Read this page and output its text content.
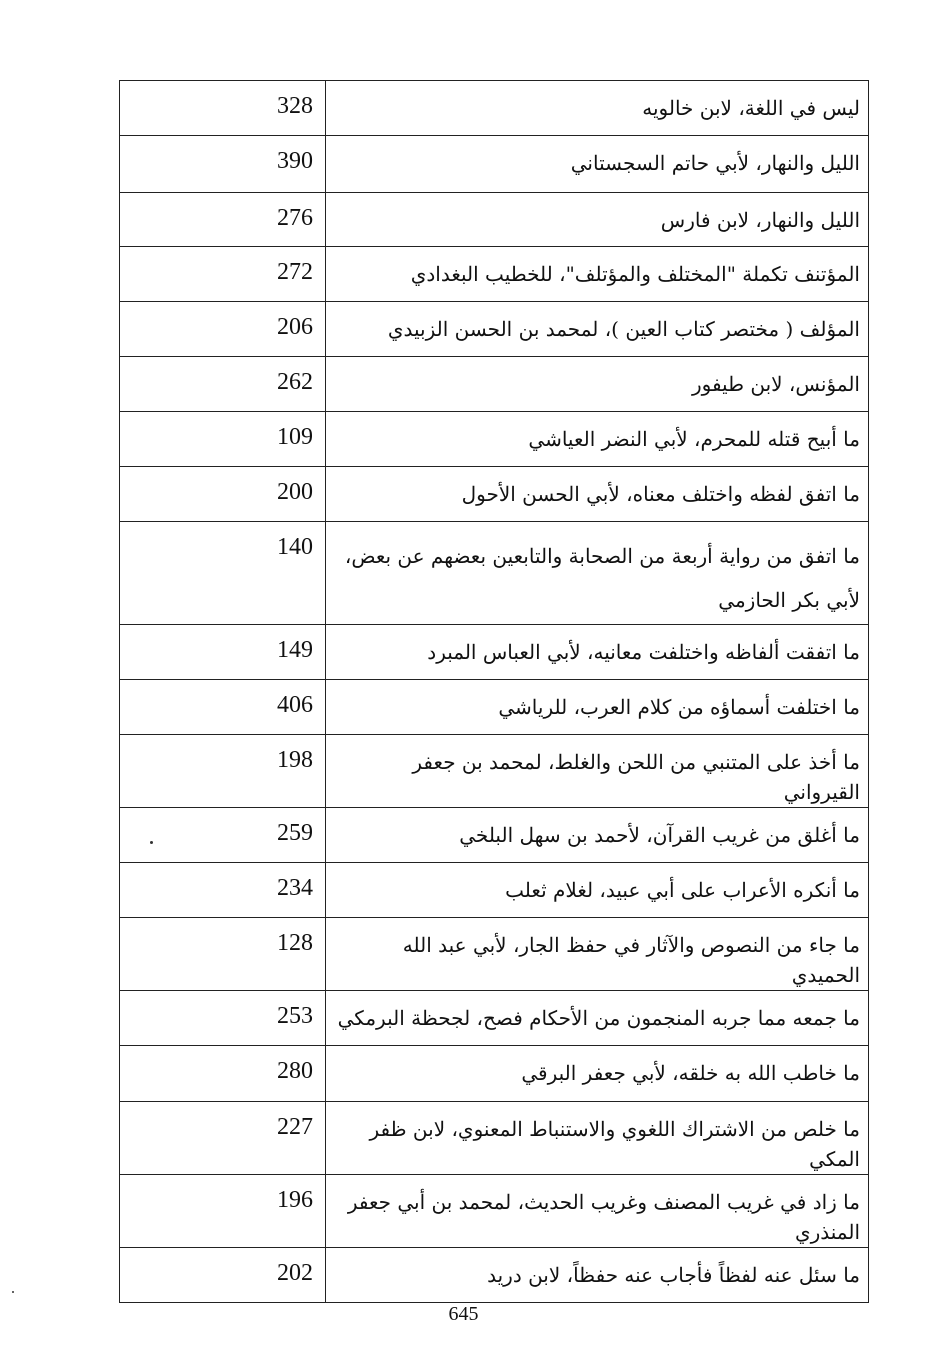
328	ليس في اللغة، لابن خالويه
390	الليل والنهار، لأبي حاتم السجستاني
276	الليل والنهار، لابن فارس
272	المؤتنف تكملة "المختلف والمؤتلف"، للخطيب البغدادي
206	المؤلف ( مختصر كتاب العين )، لمحمد بن الحسن الزبيدي
262	المؤنس، لابن طيفور
109	ما أبيح قتله للمحرم، لأبي النضر العياشي
200	ما اتفق لفظه واختلف معناه، لأبي الحسن الأحول
140	ما اتفق من رواية أربعة من الصحابة والتابعين بعضهم عن بعض، لأبي بكر الحازمي
149	ما اتفقت ألفاظه واختلفت معانيه، لأبي العباس المبرد
406	ما اختلفت أسماؤه من كلام العرب، للرياشي
198	ما أخذ على المتنبي من اللحن والغلط، لمحمد بن جعفر القيرواني
259	ما أغلق من غريب القرآن، لأحمد بن سهل البلخي
234	ما أنكره الأعراب على أبي عبيد، لغلام ثعلب
128	ما جاء من النصوص والآثار في حفظ الجار، لأبي عبد الله الحميدي
253	ما جمعه مما جربه المنجمون من الأحكام فصح، لجحظة البرمكي
280	ما خاطب الله به خلقه، لأبي جعفر البرقي
227	ما خلص من الاشتراك اللغوي والاستنباط المعنوي، لابن ظفر المكي
196	ما زاد في غريب المصنف وغريب الحديث، لمحمد بن أبي جعفر المنذري
202	ما سئل عنه لفظاً فأجاب عنه حفظاً، لابن دريد
645
